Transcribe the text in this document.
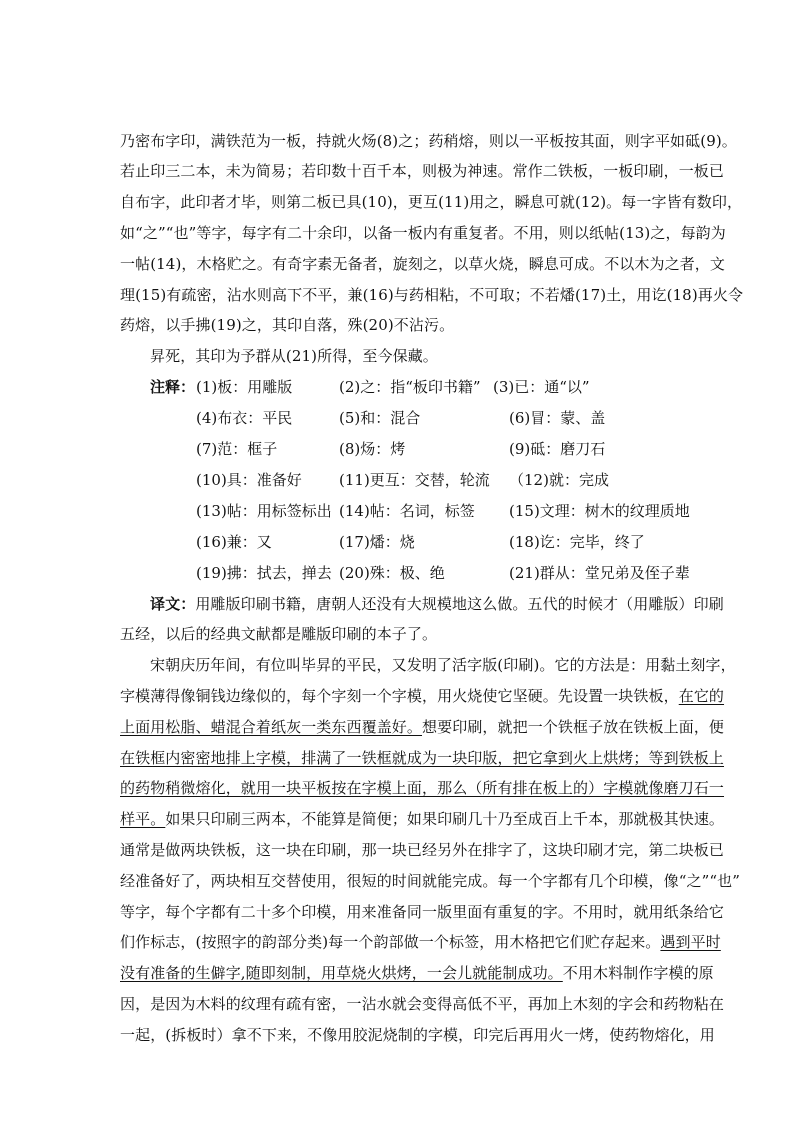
乃密布字印，满铁范为一板，持就火炀(8)之；药稍熔，则以一平板按其面，则字平如砥(9)。
若止印三二本，未为简易；若印数十百千本，则极为神速。常作二铁板，一板印刷，一板已
自布字，此印者才毕，则第二板已具(10)，更互(11)用之，瞬息可就(12)。每一字皆有数印，
如“之”“也”等字，每字有二十余印，以备一板内有重复者。不用，则以纸帖(13)之，每韵为
一帖(14)，木格贮之。有奇字素无备者，旋刻之，以草火烧，瞬息可成。不以木为之者，文
理(15)有疏密，沾水则高下不平，兼(16)与药相粘，不可取；不若燔(17)土，用讫(18)再火令
药熔，以手拂(19)之，其印自落，殊(20)不沾污。
昇死，其印为予群从(21)所得，至今保藏。
注释： (1)板：用雕版	(2)之：指“板印书籍” (3)已：通“以”
(4)布衣：平民	(5)和：混合	(6)冒：蒙、盖
(7)范：框子	(8)炀：烤	(9)砥：磨刀石
(10)具：准备好 (11)更互：交替，轮流 （12)就：完成
(13)帖：用标签标出 (14)帖：名词，标签 (15)文理：树木的纹理质地
(16)兼：又	(17)燔：烧	(18)讫：完毕，终了
(19)拂：拭去，掸去 (20)殊：极、绝	(21)群从：堂兄弟及侄子辈
译文：用雕版印刷书籍，唐朝人还没有大规模地这么做。五代的时候才（用雕版）印刷
五经，以后的经典文献都是雕版印刷的本子了。
宋朝庆历年间，有位叫毕昇的平民，又发明了活字版(印刷)。它的方法是：用黏土刻字，
字模薄得像铜钱边缘似的，每个字刻一个字模，用火烧使它坚硬。先设置一块铁板，在它的
上面用松脂、蜡混合着纸灰一类东西覆盖好。想要印刷，就把一个铁框子放在铁板上面，便
在铁框内密密地排上字模，排满了一铁框就成为一块印版，把它拿到火上烘烤；等到铁板上
的药物稍微熔化，就用一块平板按在字模上面，那么（所有排在板上的）字模就像磨刀石一
样平。如果只印刷三两本，不能算是简便；如果印刷几十乃至成百上千本，那就极其快速。
通常是做两块铁板，这一块在印刷，那一块已经另外在排字了，这块印刷才完，第二块板已
经准备好了，两块相互交替使用，很短的时间就能完成。每一个字都有几个印模，像“之”“也”
等字，每个字都有二十多个印模，用来准备同一版里面有重复的字。不用时，就用纸条给它
们作标志，(按照字的韵部分类)每一个韵部做一个标签，用木格把它们贮存起来。遇到平时
没有准备的生僻字,随即刻制，用草烧火烘烤，一会儿就能制成功。不用木料制作字模的原
因，是因为木料的纹理有疏有密，一沾水就会变得高低不平，再加上木刻的字会和药物粘在
一起，(拆板时）拿不下来，不像用胶泥烧制的字模，印完后再用火一烤，使药物熔化，用
